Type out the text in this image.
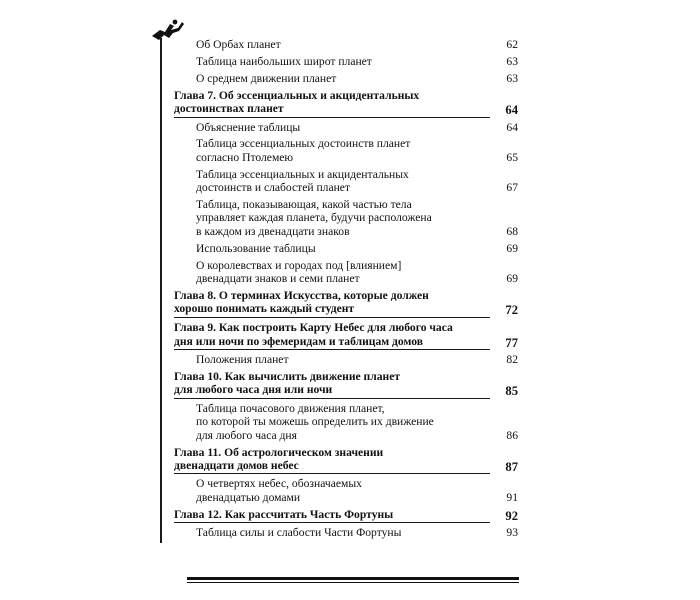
Об Орбах планет	62
Таблица наибольших широт планет	63
О среднем движении планет	63
Глава 7. Об эссенциальных и акцидентальных
достоинствах планет	64
Объяснение таблицы	64
Таблица эссенциальных достоинств планет
согласно Птолемею	65
Таблица эссенциальных и акцидентальных
достоинств и слабостей планет	67
Таблица, показывающая, какой частью тела
управляет каждая планета, будучи расположена
в каждом из двенадцати знаков	68
Использование таблицы	69
О королевствах и городах под [влиянием]
двенадцати знаков и семи планет	69
Глава 8. О терминах Искусства, которые должен
хорошо понимать каждый студент	72
Глава 9. Как построить Карту Небес для любого часа
дня или ночи по эфемеридам и таблицам домов	77
Положения планет	82
Глава 10. Как вычислить движение планет
для любого часа дня или ночи	85
Таблица почасового движения планет,
по которой ты можешь определить их движение
для любого часа дня	86
Глава 11. Об астрологическом значении
двенадцати домов небес	87
О четвертях небес, обозначаемых
двенадцатью домами	91
Глава 12. Как рассчитать Часть Фортуны	92
Таблица силы и слабости Части Фортуны	93
